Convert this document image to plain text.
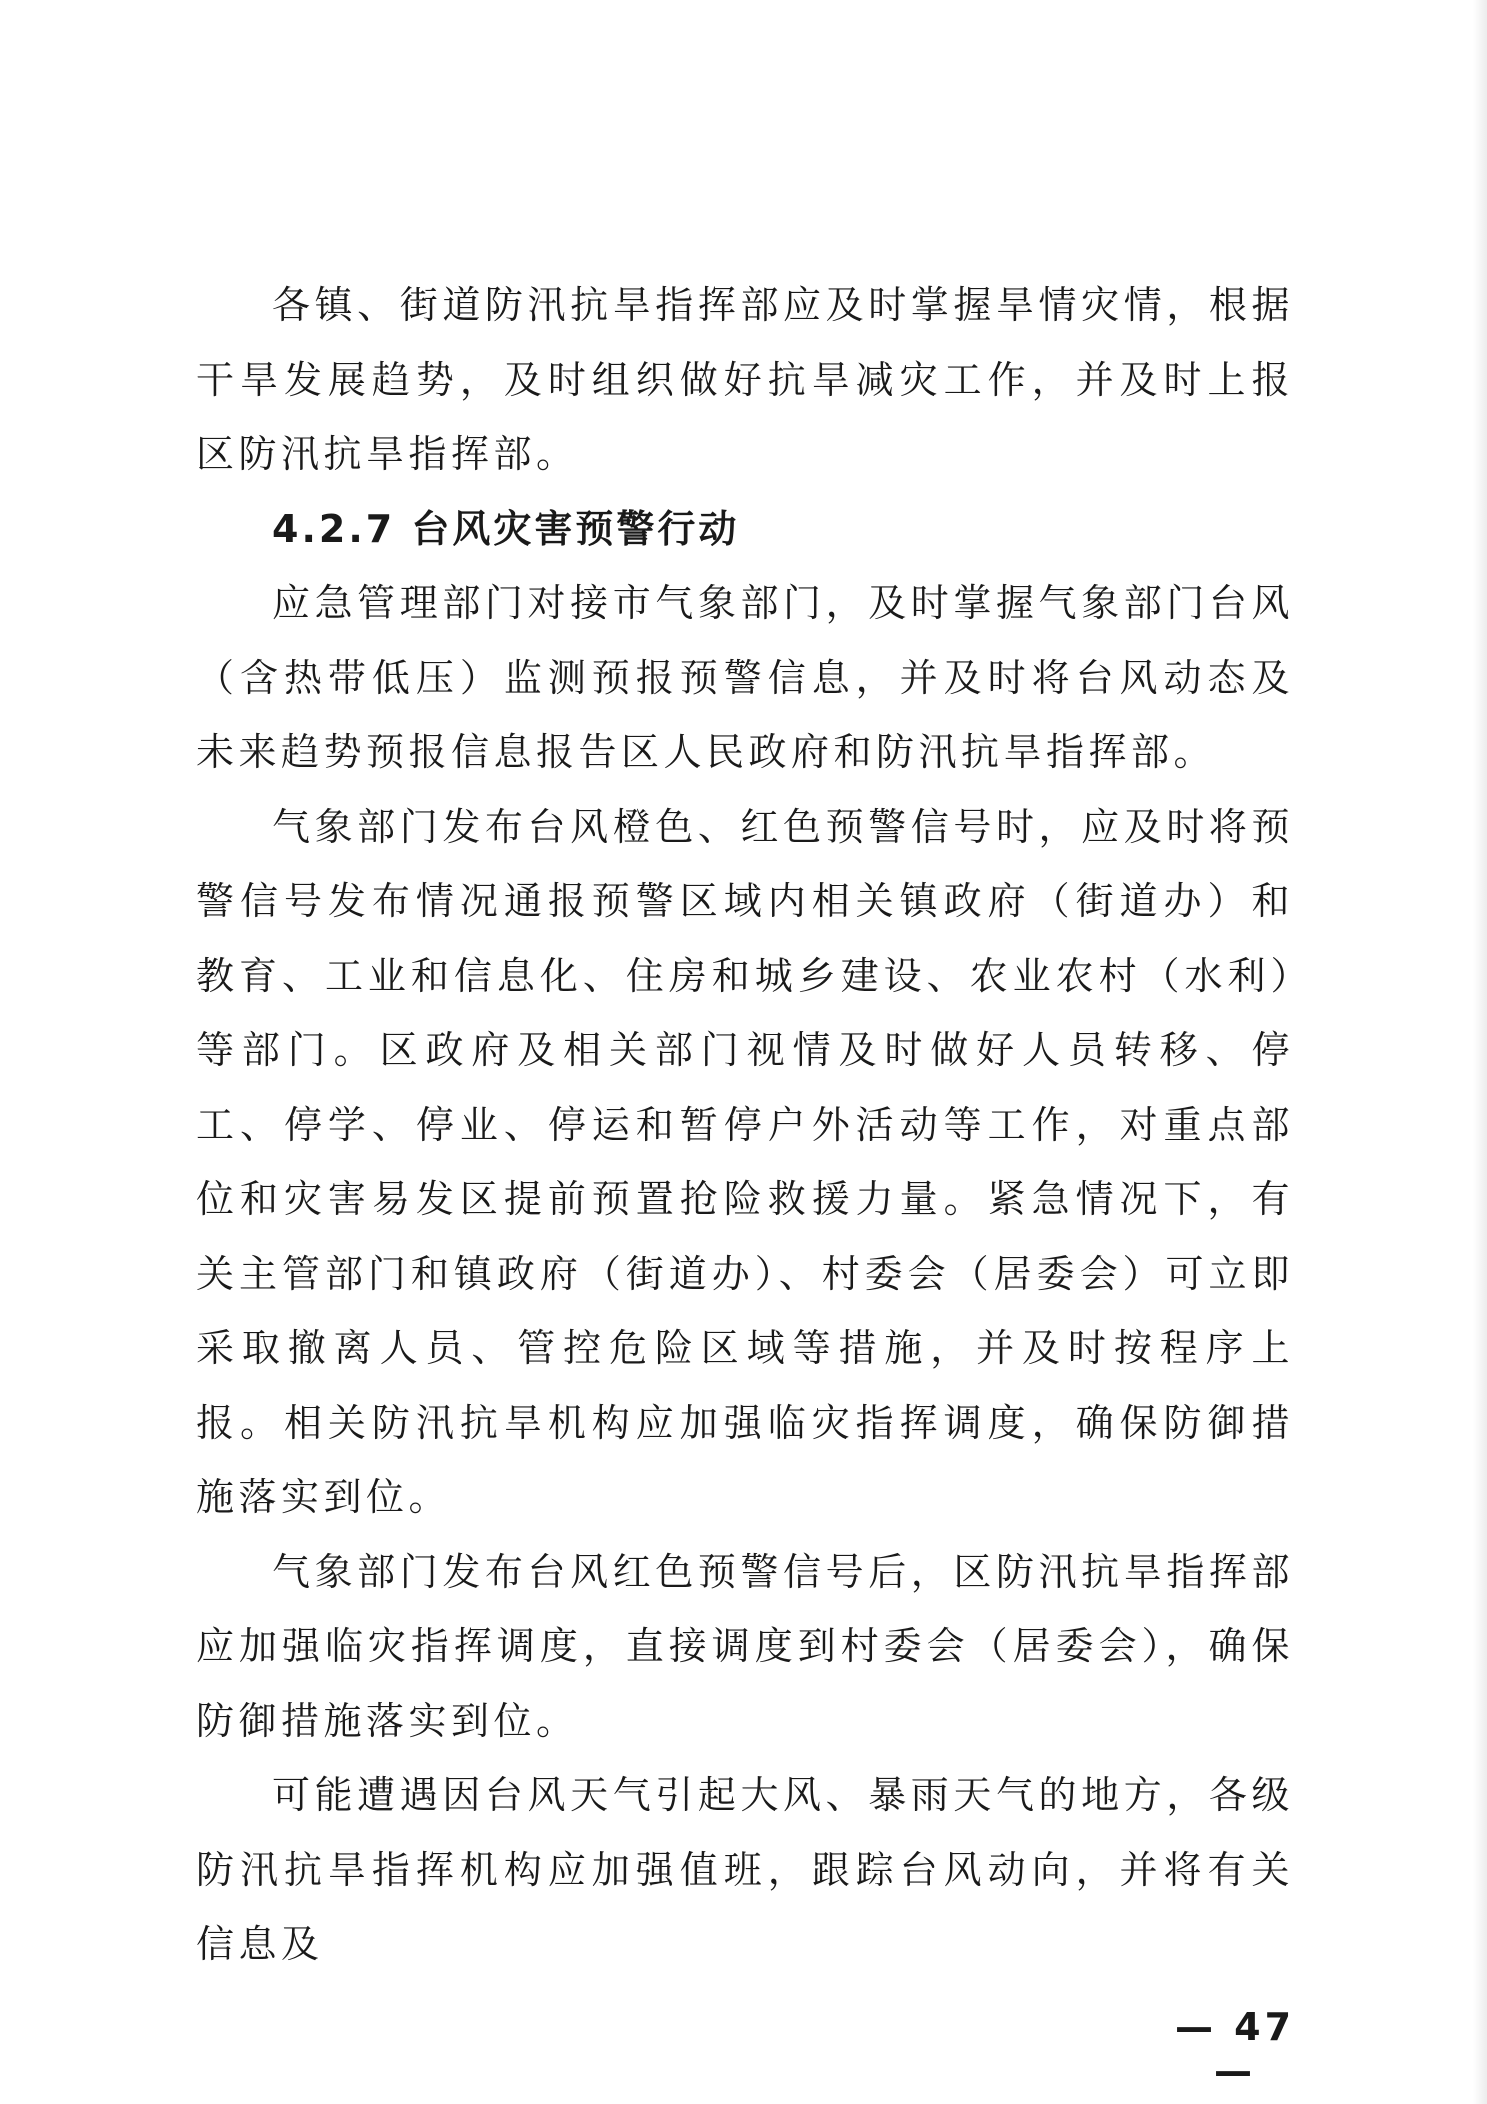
各镇、街道防汛抗旱指挥部应及时掌握旱情灾情，根据干旱发展趋势，及时组织做好抗旱减灾工作，并及时上报区防汛抗旱指挥部。

4.2.7 台风灾害预警行动

应急管理部门对接市气象部门，及时掌握气象部门台风（含热带低压）监测预报预警信息，并及时将台风动态及未来趋势预报信息报告区人民政府和防汛抗旱指挥部。

气象部门发布台风橙色、红色预警信号时，应及时将预警信号发布情况通报预警区域内相关镇政府（街道办）和教育、工业和信息化、住房和城乡建设、农业农村（水利）等部门。区政府及相关部门视情及时做好人员转移、停工、停学、停业、停运和暂停户外活动等工作，对重点部位和灾害易发区提前预置抢险救援力量。紧急情况下，有关主管部门和镇政府（街道办）、村委会（居委会）可立即采取撤离人员、管控危险区域等措施，并及时按程序上报。相关防汛抗旱机构应加强临灾指挥调度，确保防御措施落实到位。

气象部门发布台风红色预警信号后，区防汛抗旱指挥部应加强临灾指挥调度，直接调度到村委会（居委会），确保防御措施落实到位。

可能遭遇因台风天气引起大风、暴雨天气的地方，各级防汛抗旱指挥机构应加强值班，跟踪台风动向，并将有关信息及

— 47 —
